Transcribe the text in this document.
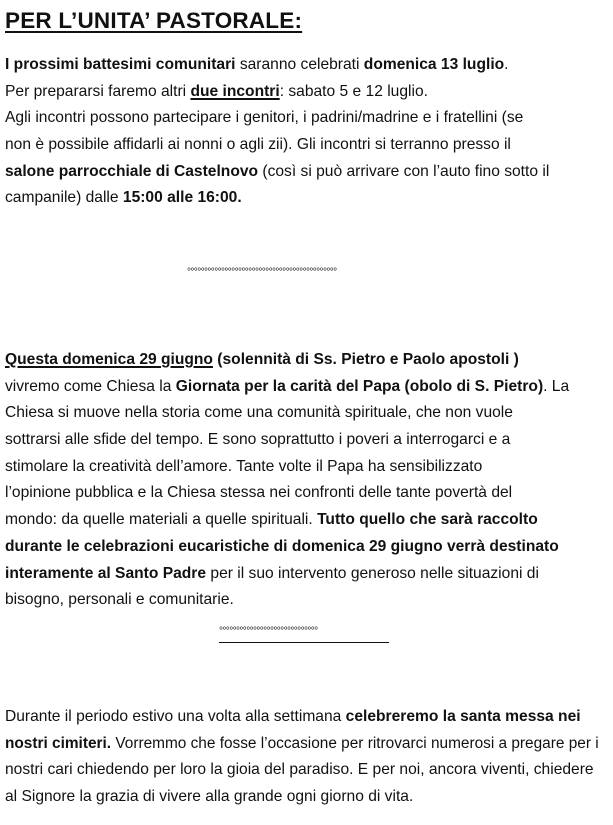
PER L’UNITA’ PASTORALE:
I prossimi battesimi comunitari saranno celebrati domenica 13 luglio.
Per prepararsi faremo altri due incontri: sabato 5 e 12 luglio.
Agli incontri possono partecipare i genitori, i padrini/madrine e i fratellini (se
non è possibile affidarli ai nonni o agli zii). Gli incontri si terranno presso il
salone parrocchiale di Castelnovo (così si può arrivare con l’auto fino sotto il
campanile) dalle 15:00 alle 16:00.
°°°°°°°°°°°°°°°°°°°°°°°°°°°°°°°°°°°°°°°°°°°°
Questa domenica 29 giugno (solennità di Ss. Pietro e Paolo apostoli )
vivremo come Chiesa la Giornata per la carità del Papa (obolo di S. Pietro). La
Chiesa si muove nella storia come una comunità spirituale, che non vuole
sottrarsi alle sfide del tempo. E sono soprattutto i poveri a interrogarci e a
stimolare la creatività dell’amore. Tante volte il Papa ha sensibilizzato
l’opinione pubblica e la Chiesa stessa nei confronti delle tante povertà del
mondo: da quelle materiali a quelle spirituali. Tutto quello che sarà raccolto
durante le celebrazioni eucaristiche di domenica 29 giugno verrà destinato
interamente al Santo Padre per il suo intervento generoso nelle situazioni di
bisogno, personali e comunitarie.
°°°°°°°°°°°°°°°°°°°°°°°°°°°°°
Durante il periodo estivo una volta alla settimana celebreremo la santa messa nei
nostri cimiteri. Vorremmo che fosse l’occasione per ritrovarci numerosi a pregare per i
nostri cari chiedendo per loro la gioia del paradiso. E per noi, ancora viventi, chiedere
al Signore la grazia di vivere alla grande ogni giorno di vita.
